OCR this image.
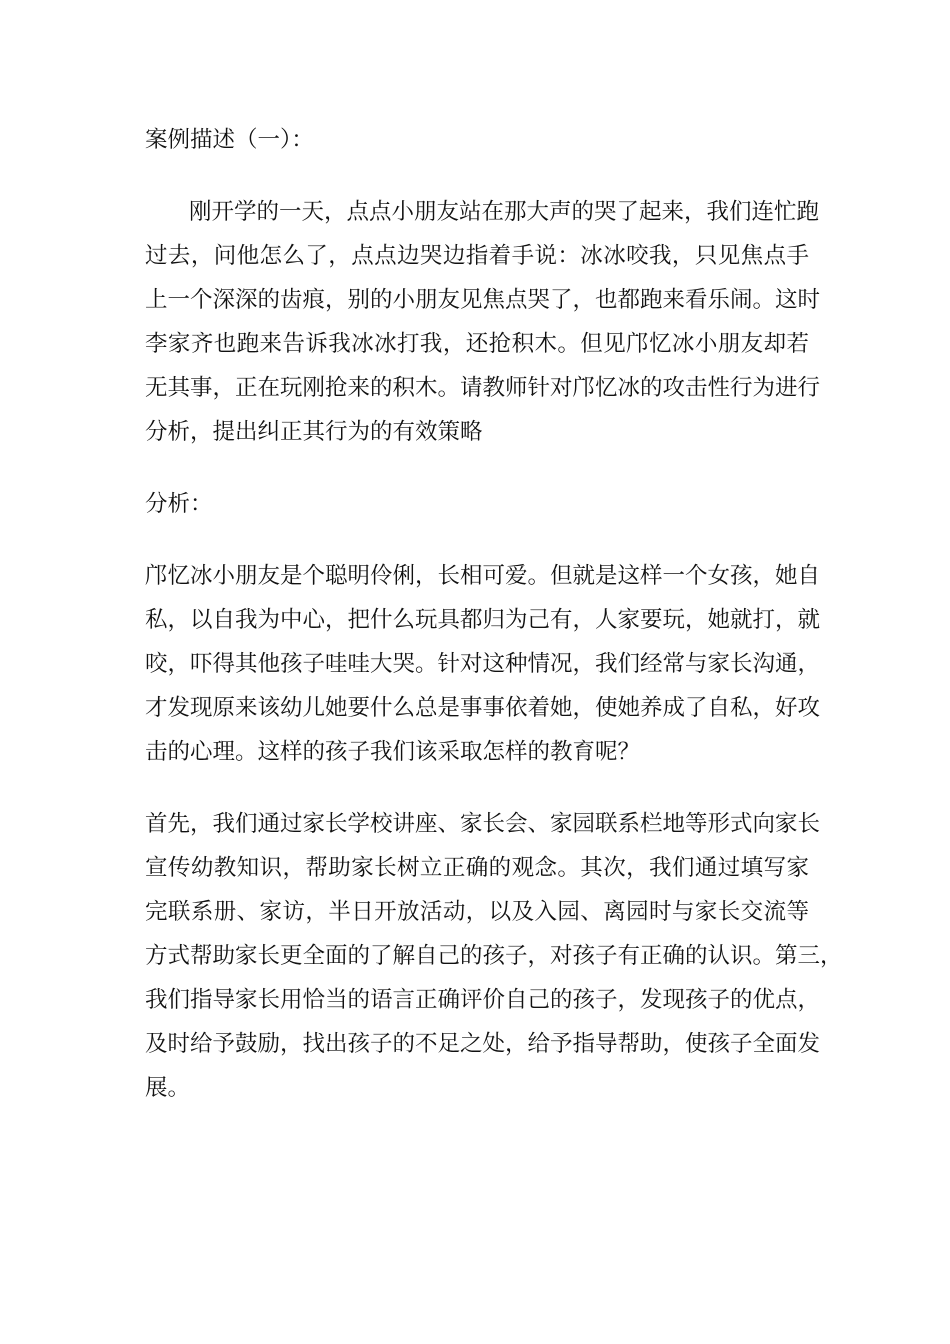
案例描述（一）：
刚开学的一天，点点小朋友站在那大声的哭了起来，我们连忙跑
过去，问他怎么了，点点边哭边指着手说：冰冰咬我，只见焦点手
上一个深深的齿痕，别的小朋友见焦点哭了，也都跑来看乐闹。这时
李家齐也跑来告诉我冰冰打我，还抢积木。但见邝忆冰小朋友却若
无其事，正在玩刚抢来的积木。请教师针对邝忆冰的攻击性行为进行
分析，提出纠正其行为的有效策略
分析：
邝忆冰小朋友是个聪明伶俐，长相可爱。但就是这样一个女孩，她自
私，以自我为中心，把什么玩具都归为己有，人家要玩，她就打，就
咬，吓得其他孩子哇哇大哭。针对这种情况，我们经常与家长沟通，
才发现原来该幼儿她要什么总是事事依着她，使她养成了自私，好攻
击的心理。这样的孩子我们该采取怎样的教育呢？
首先，我们通过家长学校讲座、家长会、家园联系栏地等形式向家长
宣传幼教知识，帮助家长树立正确的观念。其次，我们通过填写家
完联系册、家访，半日开放活动，以及入园、离园时与家长交流等
方式帮助家长更全面的了解自己的孩子，对孩子有正确的认识。第三，
我们指导家长用恰当的语言正确评价自己的孩子，发现孩子的优点，
及时给予鼓励，找出孩子的不足之处，给予指导帮助，使孩子全面发
展。
